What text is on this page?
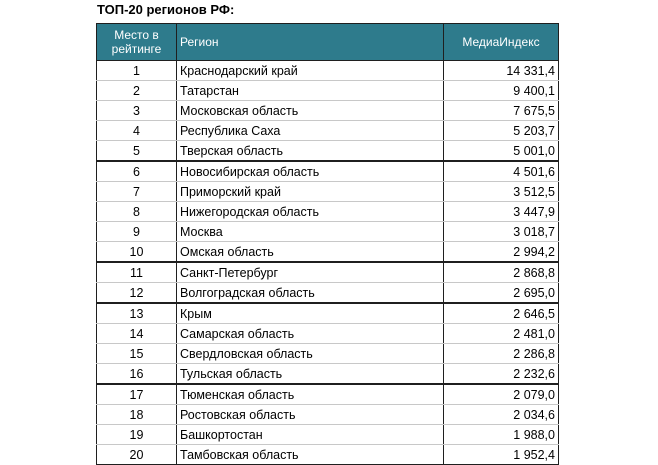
ТОП-20 регионов РФ:
Место в рейтинге	Регион	МедиаИндекс
1	Краснодарский край	14 331,4
2	Татарстан	9 400,1
3	Московская область	7 675,5
4	Республика Саха	5 203,7
5	Тверская область	5 001,0
6	Новосибирская область	4 501,6
7	Приморский край	3 512,5
8	Нижегородская область	3 447,9
9	Москва	3 018,7
10	Омская область	2 994,2
11	Санкт-Петербург	2 868,8
12	Волгоградская область	2 695,0
13	Крым	2 646,5
14	Самарская область	2 481,0
15	Свердловская область	2 286,8
16	Тульская область	2 232,6
17	Тюменская область	2 079,0
18	Ростовская область	2 034,6
19	Башкортостан	1 988,0
20	Тамбовская область	1 952,4
